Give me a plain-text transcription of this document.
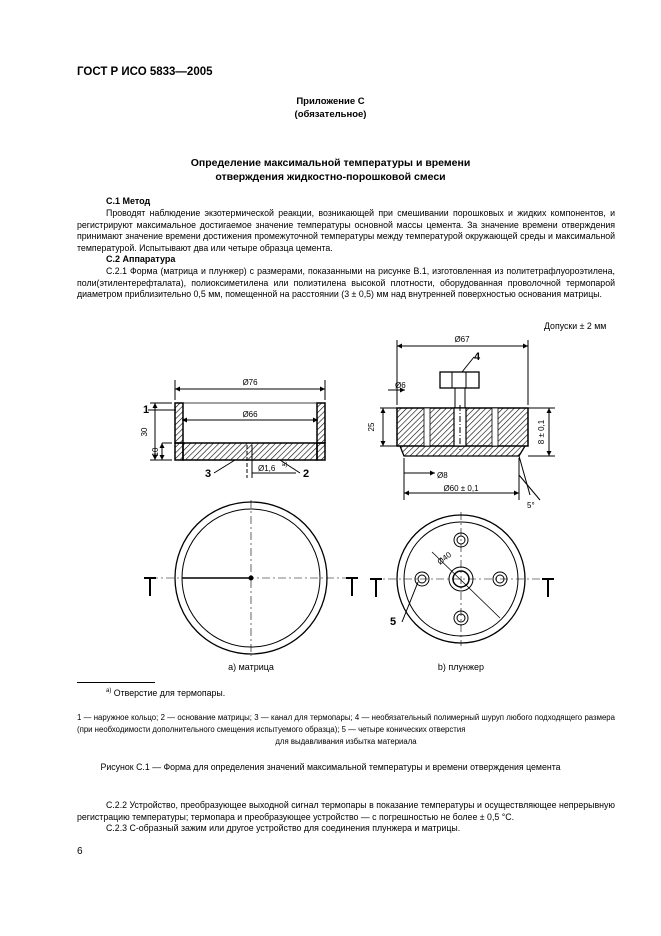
ГОСТ Р ИСО 5833—2005
Приложение С
(обязательное)
Определение максимальной температуры и времени
отверждения жидкостно-порошковой смеси
С.1 Метод

Проводят наблюдение экзотермической реакции, возникающей при смешивании порошковых и жидких компонентов, и регистрируют максимальное достигаемое значение температуры основной массы цемента. За значение времени отверждения принимают значение времени достижения промежуточной температуры между температурой окружающей среды и максимальной температурой. Испытывают два или четыре образца цемента.

С.2 Аппаратура

С.2.1 Форма (матрица и плунжер) с размерами, показанными на рисунке В.1, изготовленная из политетрафлуороэтилена, поли(этилентерефталата), полиоксиметилена или полиэтилена высокой плотности, оборудованная проволочной термопарой диаметром приблизительно 0,5 мм, помещенной на расстоянии (3 ± 0,5) мм над внутренней поверхностью основания матрицы.

Допуски ± 2 мм
Ø76
Ø66
30
10
Ø1,6 a)
1
3	2
Ø67
Ø6
Ø8
Ø60 ± 0,1
25	8 ± 0,1
5°
Ø40
4
5
а) матрица	b) плунжер
$^{a)}$ Отверстие для термопары.
1 — наружное кольцо; 2 — основание матрицы; 3 — канал для термопары; 4 — необязательный полимерный шуруп любого подходящего размера (при необходимости дополнительного смещения испытуемого образца); 5 — четыре конических отверстия
для выдавливания избытка материала
Рисунок С.1 — Форма для определения значений максимальной температуры и времени отверждения цемента

С.2.2 Устройство, преобразующее выходной сигнал термопары в показание температуры и осуществляющее непрерывную регистрацию температуры; термопара и преобразующее устройство — с погрешностью не более ± 0,5 °С.

С.2.3 С-образный зажим или другое устройство для соединения плунжера и матрицы.

6
